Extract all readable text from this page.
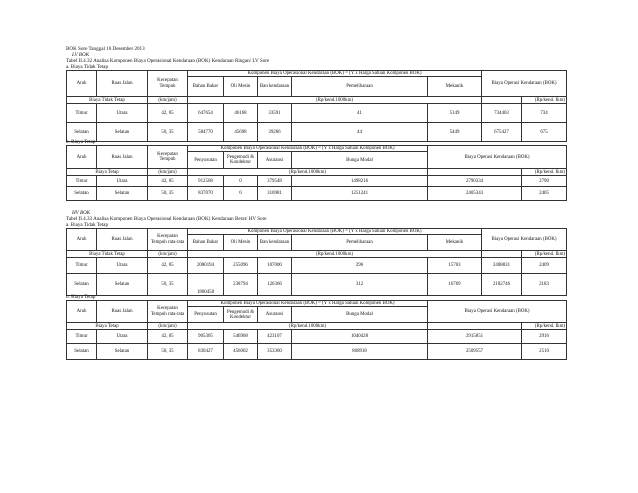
BOK Sore Tanggal 16 Desember 2013
LV BOK
Tabel II.4.32 Analisa Komponen Biaya Operasional Kendaraan (BOK) Kendaraan Ringan/ LV Sore
a. Biaya Tidak Tetap
Arah	Ruas Jalan	Kecepatan Tempuh	Komponen Biaya Operasional Kendaraan (BOK) = (Y x Harga Satuan Komponen BOK)					Biaya Operasi Kendaraan (BOK)	
			Bahan Bakar	Oli Mesin	Ban kendaraan	Pemeliharaan	Mekanik		
Biaya Tidak Tetap		(km/jam)	(Rp/kend.1000km)						(Rp/kend. Ikm)
Timur	Utara	42, 05	647654	46168	33591	41	5149	734403	734
Selatan	Selatan	50, 35	584770	45698	39266	44	5449	675427	675
b. Biaya Tetap
Arah	Ruas Jalan	Kecepatan Tempuh	Komponen Biaya Operasional Kendaraan (BOK) = (Y x Harga Satuan Komponen BOK)				Biaya Operasi Kendaraan (BOK)	
			Penyusutan	Pengemudi & Kondektur	Asuransi	Bunga Modal		
Biaya Tetap		(km/jam)	(Rp/kend.1000km)					(Rp/kend. Ikm)
Timur	Utara	42, 05	912568	0	379548	1498216	2790334	2790
Selatan	Selatan	50, 35	837070	0	316981	1251241	2405343	2405
HV BOK
Tabel II.4.33 Analisa Komponen Biaya Operasional Kendaraan (BOK) Kendaraan Berat/ HV Sore
a. Biaya Tidak Tetap
Arah	Ruas Jalan	Kecepatan Tempuh rata-rata	Komponen Biaya Operasional Kendaraan (BOK) = (Y x Harga Satuan Komponen BOK)					Biaya Operasi Kendaraan (BOK)	
			Bahan Bakar	Oli Mesin	Ban kendaraan	Pemeliharaan	Mekanik		
Biaya Tidak Tetap		(km/jam)	(Rp/kend.1000km)						(Rp/kend. Ikm)
Timur	Utara	42, 05	2080194	255096	107000	296	15703	2408831	2409
Selatan	Selatan	50, 35	1800458	238794	126366	312	16769	2182746	2183
b. Biaya Tetap
Arah	Ruas Jalan	Kecepatan Tempuh rata-rata	Komponen Biaya Operasional Kendaraan (BOK) = (Y x Harga Satuan Komponen BOK)				Biaya Operasi Kendaraan (BOK)	
			Penyusutan	Pengemudi & Kondektur	Asuransi	Bunga Modal		
Biaya Tetap		(km/jam)	(Rp/kend.1000km)					(Rp/kend. Ikm)
Timur	Utara	42, 05	905305	546968	423107	1040428	2915851	2916
Selatan	Selatan	50, 35	830427	456002	353360	868918	2509557	2510
